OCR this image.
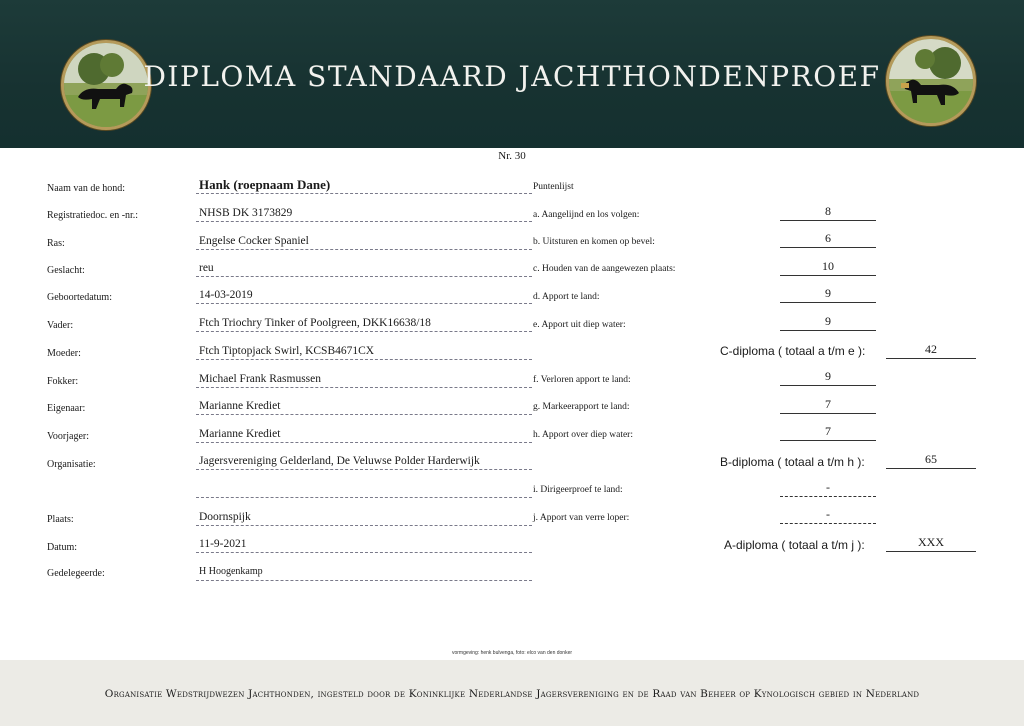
DIPLOMA STANDAARD JACHTHONDENPROEF
Nr. 30
Naam van de hond:	Hank (roepnaam Dane)
Registratiedoc. en -nr.:	NHSB DK 3173829
Ras:	Engelse Cocker Spaniel
Geslacht:	reu
Geboortedatum:	14-03-2019
Vader:	Ftch Triochry Tinker of Poolgreen, DKK16638/18
Moeder:	Ftch Tiptopjack Swirl, KCSB4671CX
Fokker:	Michael Frank Rasmussen
Eigenaar:	Marianne Krediet
Voorjager:	Marianne Krediet
Organisatie:	Jagersvereniging Gelderland, De Veluwse Polder Harderwijk
Plaats:	Doornspijk
Datum:	11-9-2021
Gedelegeerde:	H Hoogenkamp
Puntenlijst
a. Aangelijnd en los volgen:	8
b. Uitsturen en komen op bevel:	6
c. Houden van de aangewezen plaats:	10
d. Apport te land:	9
e. Apport uit diep water:	9
f. Verloren apport te land:	9
g. Markeerapport te land:	7
h. Apport over diep water:	7
i. Dirigeerproef te land:	-
j. Apport van verre loper:	-
C-diploma ( totaal a t/m e ):	42
B-diploma ( totaal a t/m h ):	65
A-diploma ( totaal a t/m j ):	XXX
vormgeving: henk bulvenga, foto: elco van den donker
Organisatie Wedstrijdwezen Jachthonden, ingesteld door de Koninklijke Nederlandse Jagersvereniging en de Raad van Beheer op Kynologisch gebied in Nederland
